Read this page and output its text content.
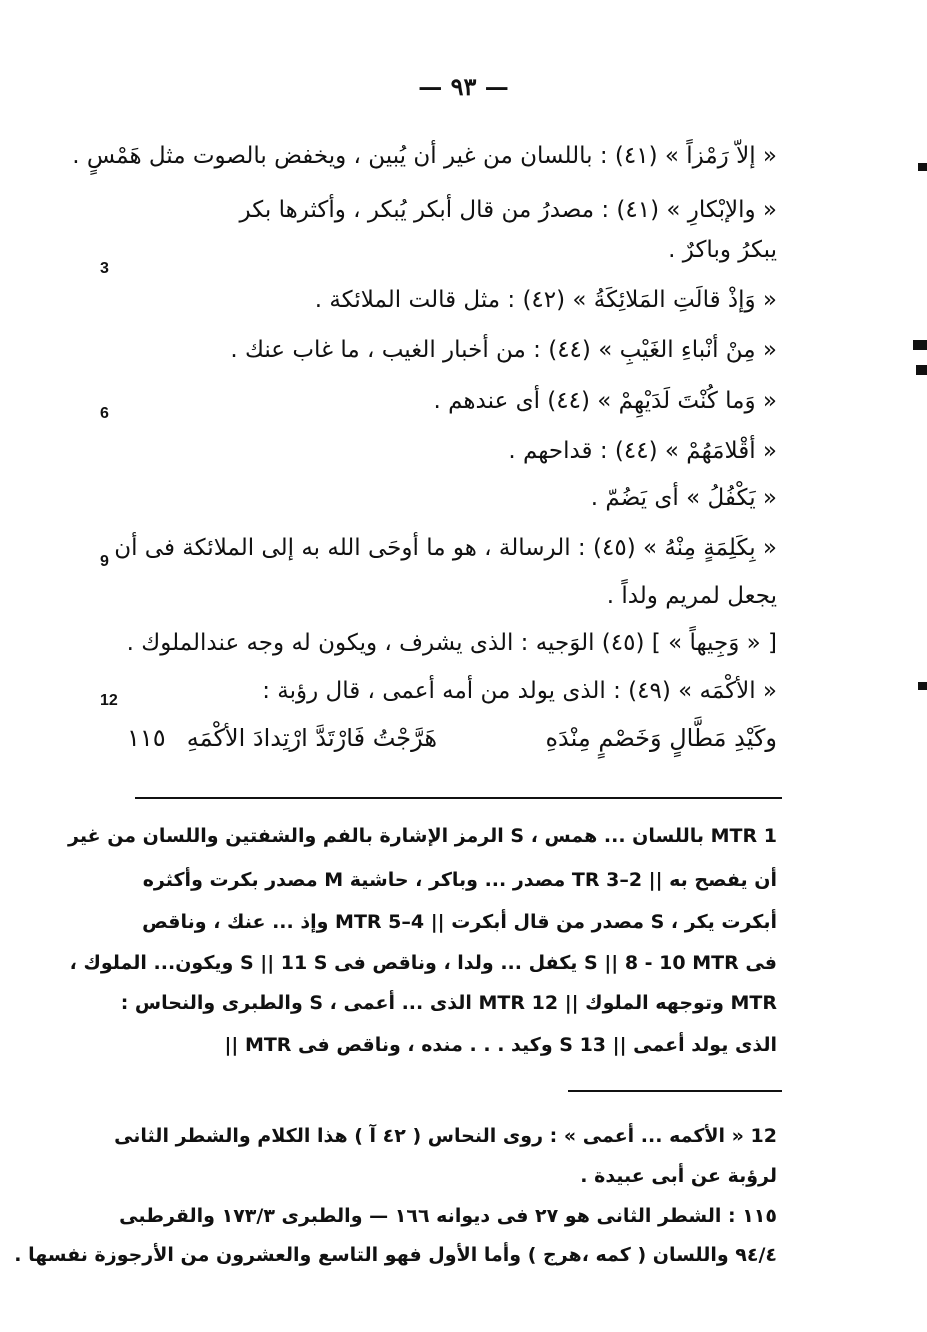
— ٩٣ —
« إلاّ رَمْزاً » (٤١) : باللسان من غير أن يُبين ، ويخفض بالصوت مثل هَمْسٍ .
« والإبْكارِ » (٤١) : مصدرُ من قال أبكر يُبكر ، وأكثرها بكر
يبكرُ وباكرٌ .
« وَإذْ قالَتِ المَلائِكَةُ » (٤٢) : مثل قالت الملائكة .
« مِنْ أنْباءِ الغَيْبِ » (٤٤) : من أخبار الغيب ، ما غاب عنك .
« وَما كُنْتَ لَدَيْهِمْ » (٤٤) أى عندهم .
« أقْلامَهُمْ » (٤٤) : قداحهم .
« يَكْفُلُ » أى يَضُمّ .
« بِكَلِمَةٍ مِنْهُ » (٤٥) : الرسالة ، هو ما أوحَى الله به إلى الملائكة فى أن
يجعل لمريم ولداً .
[ « وَجِيهاً » ] (٤٥) الوَجيه : الذى يشرف ، ويكون له وجه عندالملوك .
« الأكْمَه » (٤٩) : الذى يولد من أمه أعمى ، قال رؤبة :
3
6
9
12
وكَيْدِ مَطَّالٍ وَخَصْمٍ مِنْدَهِ
هَرَّجْتُ فَارْتَدَّ ارْتِدادَ الأكْمَهِ
١١٥
1 MTR باللسان ... همس ، S الرمز الإشارة بالفم والشفتين واللسان من غير
أن يفصح به || 2–3 TR مصدر ... وباكر ، حاشية M مصدر بكرت وأكثره
أبكرت يكر ، S مصدر من قال أبكرت || 4–5 MTR وإذ ... عنك ، وناقص
فى S || 8 - 10 MTR يكفل ... ولدا ، وناقص فى S || 11 S ويكون... الملوك ،
MTR وتوجهه الملوك || 12 MTR الذى ... أعمى ، S والطبرى والنحاس :
الذى يولد أعمى || 13 S وكيد . . . منده ، وناقص فى MTR ||
12 « الأكمه ... أعمى » : روى النحاس ( ٤٢ آ ) هذا الكلام والشطر الثانى
لرؤبة عن أبى عبيدة .
١١٥ : الشطر الثانى هو ٢٧ فى ديوانه ١٦٦ — والطبرى ١٧٣/٣ والقرطبى
٩٤/٤ واللسان ( كمه ،هرج ) وأما الأول فهو التاسع والعشرون من الأرجوزة نفسها .
